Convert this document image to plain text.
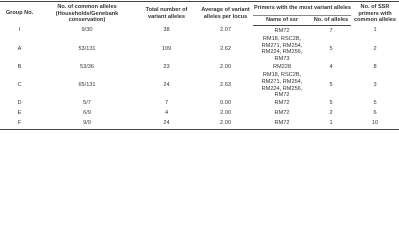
Group No.	No. of common alleles (Households/Genebank conservation)	Total number of variant alleles	Average of variant alleles per locus	Primers with the most variant alleles		No. of SSR primers with common alleles
				Name of ssr	No. of alleles	
I	9/30	38	2.07	RM72	7	1
A	53/131	109	2.62	RM18, RSC2B, RM271, RM254, RM224, RM256, RM73	5	2
B	53/36	23	2.00	RM228	4	8
C	65/131	24	2.63	RM18, RSC2B, RM271, RM254, RM224, RM256, RM72	5	3
D	5/7	7	0.00	RM72	5	5
E	6/9	4	2.00	RM72	2	6
F	9/9	24	2.00	RM72	1	10
